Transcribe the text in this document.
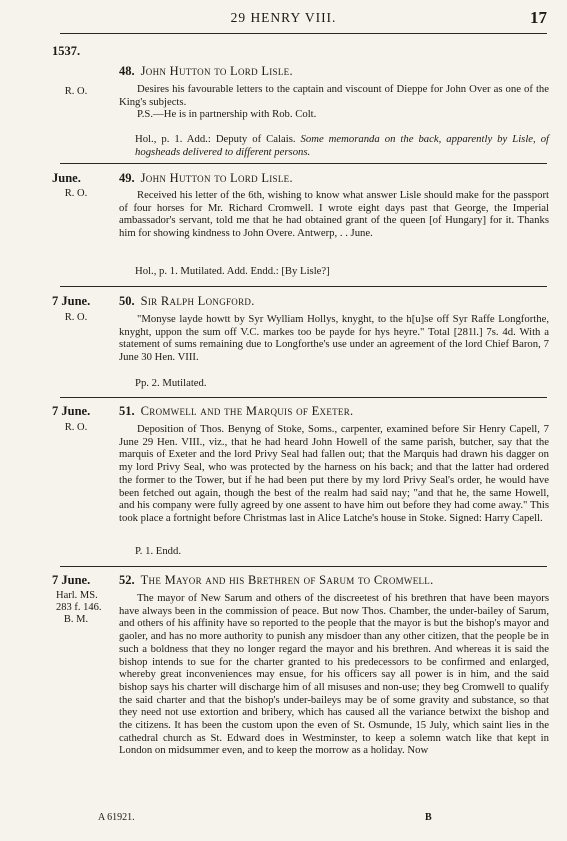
29 HENRY VIII.	17
1537.
R. O.
48. John Hutton to Lord Lisle.

Desires his favourable letters to the captain and viscount of Dieppe for John Over as one of the King's subjects.

P.S.—He is in partnership with Rob. Colt.

Hol., p. 1. Add.: Deputy of Calais. Some memoranda on the back, apparently by Lisle, of hogsheads delivered to different persons.
June.
R. O.
49. John Hutton to Lord Lisle.

Received his letter of the 6th, wishing to know what answer Lisle should make for the passport of four horses for Mr. Richard Cromwell. I wrote eight days past that George, the Imperial ambassador's servant, told me that he had obtained grant of the queen [of Hungary] for it. Thanks him for showing kindness to John Overe. Antwerp, . . June.

Hol., p. 1. Mutilated. Add. Endd.: [By Lisle?]
7 June.
R. O.
50. Sir Ralph Longford.

"Monyse layde howtt by Syr Wylliam Hollys, knyght, to the h[u]se off Syr Raffe Longforthe, knyght, uppon the sum off V.C. markes too be payde for hys heyre." Total [281l.] 7s. 4d. With a statement of sums remaining due to Longforthe's use under an agreement of the lord Chief Baron, 7 June 30 Hen. VIII.

Pp. 2. Mutilated.
7 June.
R. O.
51. Cromwell and the Marquis of Exeter.

Deposition of Thos. Benyng of Stoke, Soms., carpenter, examined before Sir Henry Capell, 7 June 29 Hen. VIII., viz., that he had heard John Howell of the same parish, butcher, say that the marquis of Exeter and the lord Privy Seal had fallen out; that the Marquis had drawn his dagger on my lord Privy Seal, who was protected by the harness on his back; and that the latter had ordered the former to the Tower, but if he had been put there by my lord Privy Seal's order, he would have been fetched out again, though the best of the realm had said nay; "and that he, the same Howell, and his company were fully agreed by one assent to have him out before they had come away." This took place a fortnight before Christmas last in Alice Latche's house in Stoke. Signed: Harry Capell.

P. 1. Endd.
7 June.
Harl. MS.
283 f. 146.
B. M.
52. The Mayor and his Brethren of Sarum to Cromwell.

The mayor of New Sarum and others of the discreetest of his brethren that have been mayors have always been in the commission of peace. But now Thos. Chamber, the under-bailey of Sarum, and others of his affinity have so reported to the people that the mayor is but the bishop's mayor and gaoler, and has no more authority to punish any misdoer than any other citizen, that the people be in such a boldness that they no longer regard the mayor and his brethren. And whereas it is said the bishop intends to sue for the charter granted to his predecessors to be confirmed and enlarged, whereby great inconveniences may ensue, for his officers say all power is in him, and the said bishop says his charter will discharge him of all misuses and non-use; they beg Cromwell to qualify the said charter and that the bishop's under-baileys may be of some gravity and substance, so that they need not use extortion and bribery, which has caused all the variance betwixt the bishop and the citizens. It has been the custom upon the even of St. Osmunde, 15 July, which saint lies in the cathedral church as St. Edward does in Westminster, to keep a solemn watch like that kept in London on midsummer even, and to keep the morrow as a holiday. Now

A 61921.	B
